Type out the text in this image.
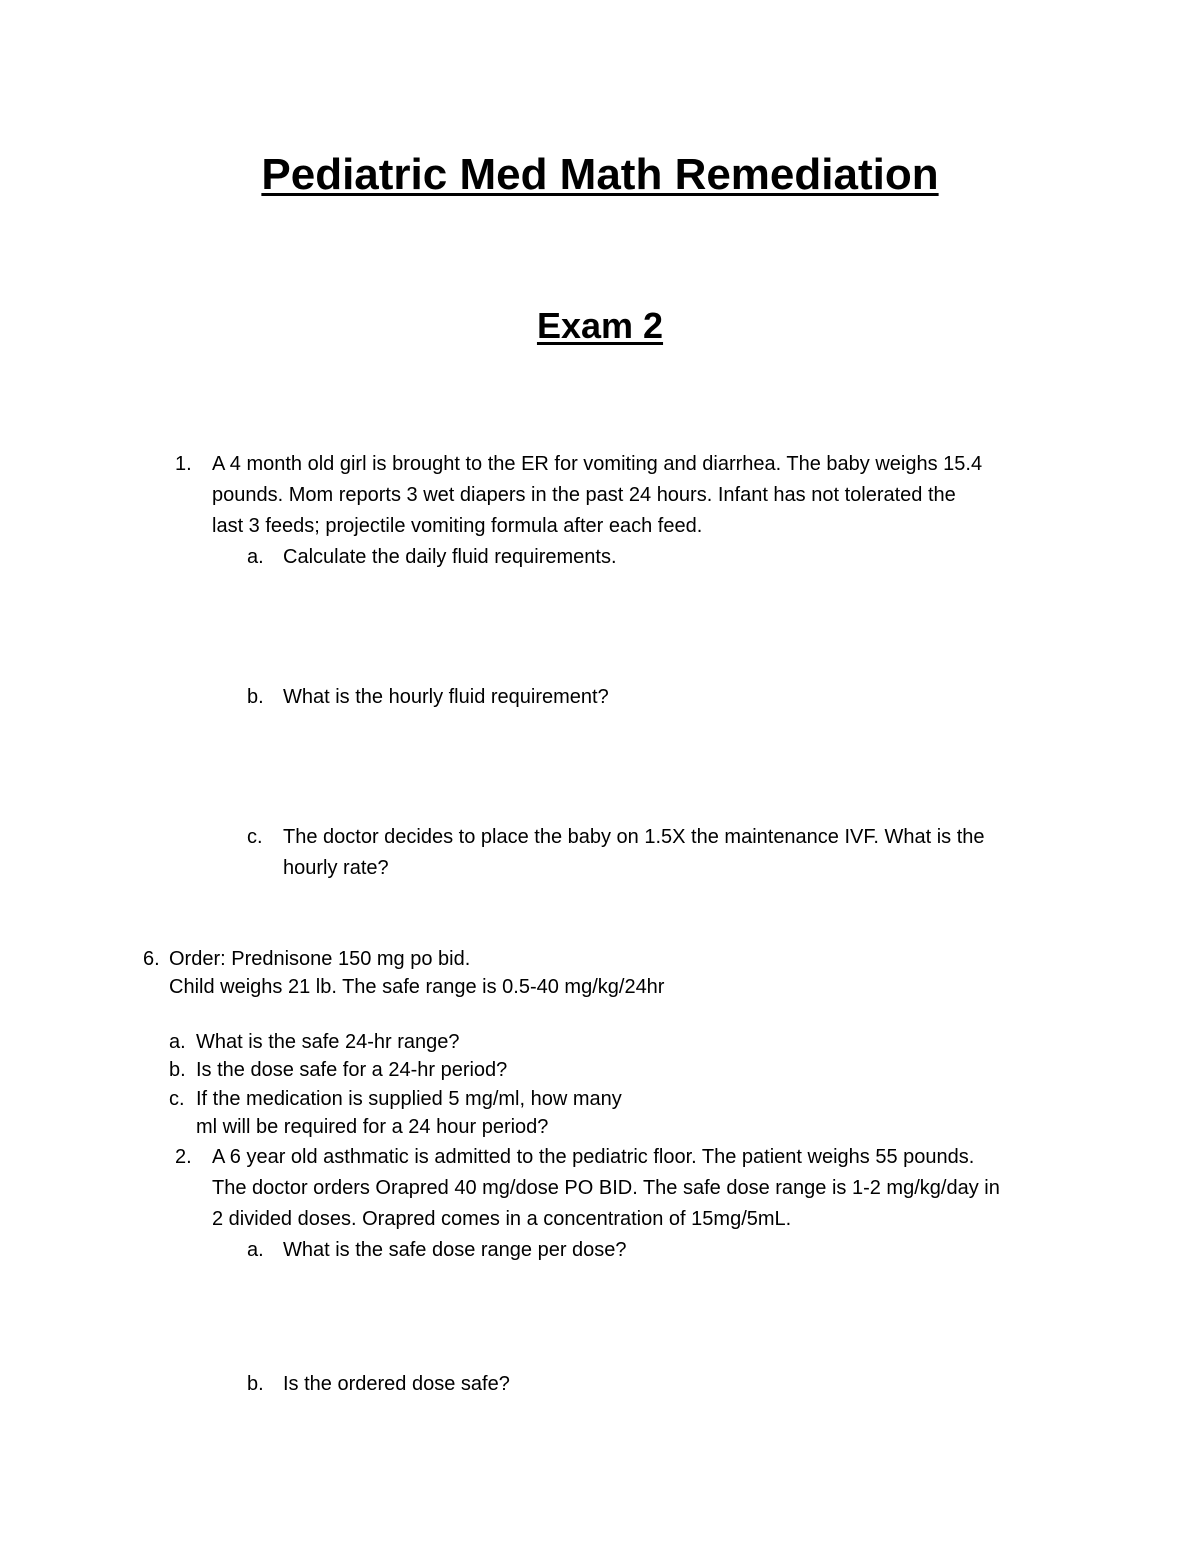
Pediatric Med Math Remediation
Exam 2
1. A 4 month old girl is brought to the ER for vomiting and diarrhea. The baby weighs 15.4

pounds. Mom reports 3 wet diapers in the past 24 hours. Infant has not tolerated the

last 3 feeds; projectile vomiting formula after each feed.

a. Calculate the daily fluid requirements.

b. What is the hourly fluid requirement?

c. The doctor decides to place the baby on 1.5X the maintenance IVF. What is the

hourly rate?

6. Order: Prednisone 150 mg po bid.

Child weighs 21 lb. The safe range is 0.5-40 mg/kg/24hr

a. What is the safe 24-hr range?

b. Is the dose safe for a 24-hr period?

c. If the medication is supplied 5 mg/ml, how many

ml will be required for a 24 hour period?

2. A 6 year old asthmatic is admitted to the pediatric floor. The patient weighs 55 pounds.

The doctor orders Orapred 40 mg/dose PO BID. The safe dose range is 1-2 mg/kg/day in

2 divided doses. Orapred comes in a concentration of 15mg/5mL.

a. What is the safe dose range per dose?

b. Is the ordered dose safe?
